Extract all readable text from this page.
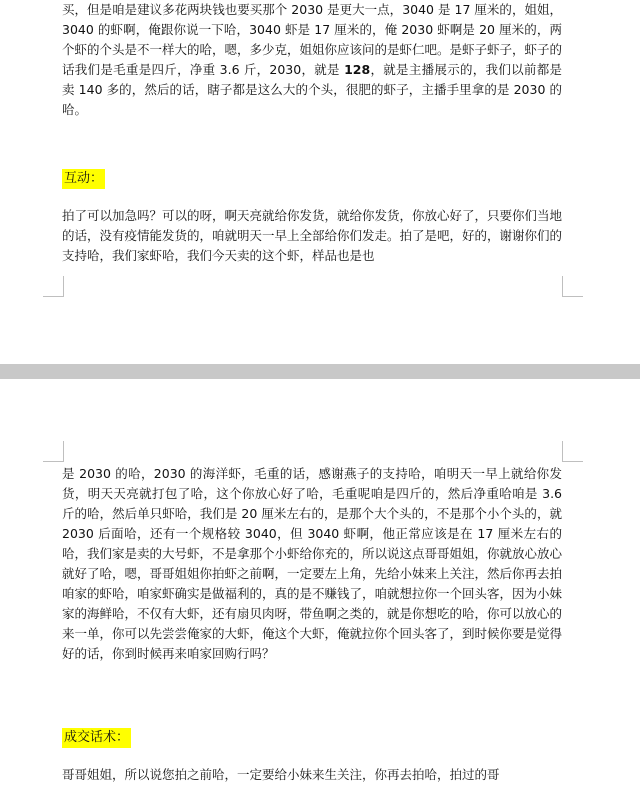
买，但是咱是建议多花两块钱也要买那个 2030 是更大一点，3040 是 17 厘米的，姐姐，3040 的虾啊，俺跟你说一下哈，3040 虾是 17 厘米的，俺 2030 虾啊是 20 厘米的，两个虾的个头是不一样大的哈，嗯，多少克，姐姐你应该问的是虾仁吧。是虾子虾子，虾子的话我们是毛重是四斤，净重 3.6 斤，2030，就是 128，就是主播展示的，我们以前都是卖 140 多的，然后的话，瞎子都是这么大的个头，很肥的虾子，主播手里拿的是 2030 的哈。

互动：

拍了可以加急吗？可以的呀，啊天亮就给你发货，就给你发货，你放心好了，只要你们当地的话，没有疫情能发货的，咱就明天一早上全部给你们发走。拍了是吧，好的，谢谢你们的支持哈，我们家虾哈，我们今天卖的这个虾，样品也是也

是 2030 的哈，2030 的海洋虾，毛重的话，感谢燕子的支持哈，咱明天一早上就给你发货，明天天亮就打包了哈，这个你放心好了哈，毛重呢咱是四斤的，然后净重哈咱是 3.6 斤的哈，然后单只虾哈，我们是 20 厘米左右的，是那个大个头的，不是那个小个头的，就 2030 后面哈，还有一个规格较 3040，但 3040 虾啊，他正常应该是在 17 厘米左右的哈，我们家是卖的大号虾，不是拿那个小虾给你充的，所以说这点哥哥姐姐，你就放心放心就好了哈，嗯，哥哥姐姐你拍虾之前啊，一定要左上角，先给小妹来上关注，然后你再去拍咱家的虾哈，咱家虾确实是做福利的，真的是不赚钱了，咱就想拉你一个回头客，因为小妹家的海鲜哈，不仅有大虾，还有扇贝肉呀，带鱼啊之类的，就是你想吃的哈，你可以放心的来一单，你可以先尝尝俺家的大虾，俺这个大虾，俺就拉你个回头客了，到时候你要是觉得好的话，你到时候再来咱家回购行吗？

成交话术：

哥哥姐姐，所以说您拍之前哈，一定要给小妹来生关注，你再去拍哈，拍过的哥
